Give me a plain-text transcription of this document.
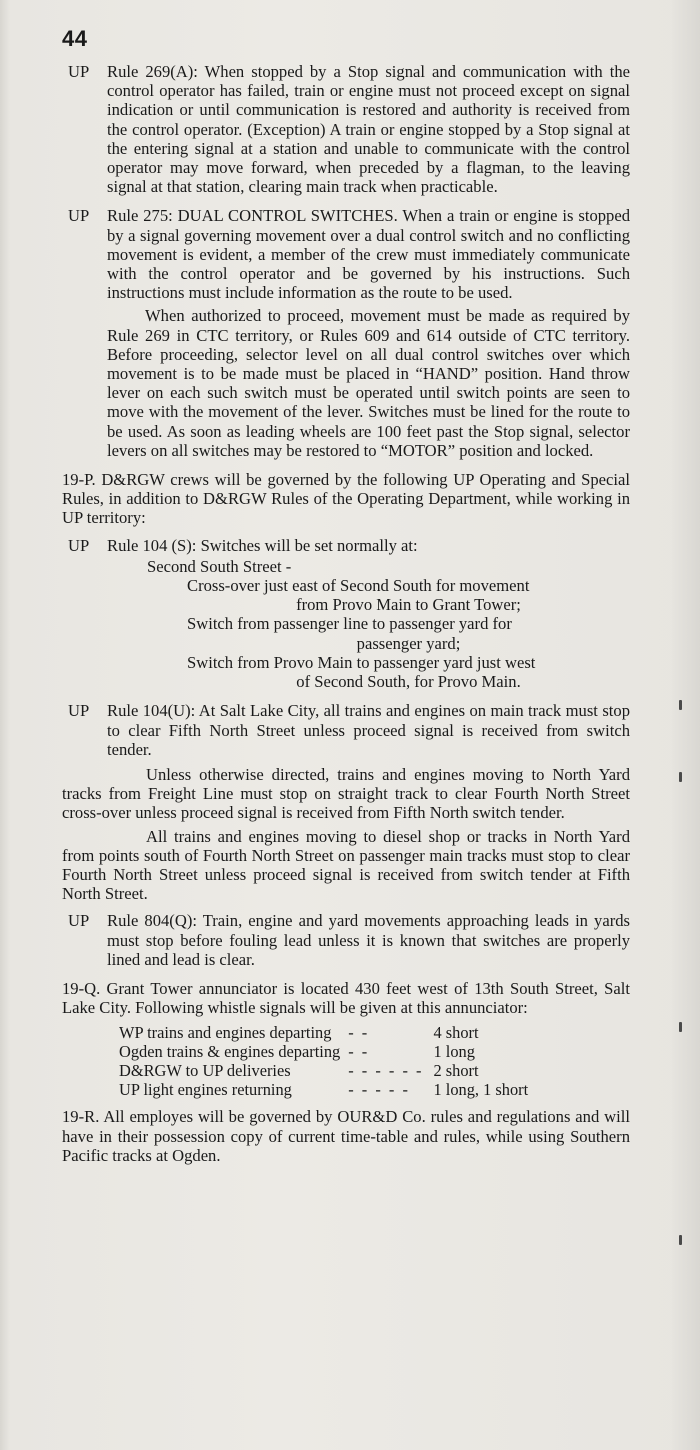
44
UP Rule 269(A): When stopped by a Stop signal and communication with the control operator has failed, train or engine must not proceed except on signal indication or until communication is restored and authority is received from the control operator. (Exception) A train or engine stopped by a Stop signal at the entering signal at a station and unable to communicate with the control operator may move forward, when preceded by a flagman, to the leaving signal at that station, clearing main track when practicable.

UP Rule 275: DUAL CONTROL SWITCHES. When a train or engine is stopped by a signal governing movement over a dual control switch and no conflicting movement is evident, a member of the crew must immediately communicate with the control operator and be governed by his instructions. Such instructions must include information as the route to be used.

When authorized to proceed, movement must be made as required by Rule 269 in CTC territory, or Rules 609 and 614 outside of CTC territory. Before proceeding, selector level on all dual control switches over which movement is to be made must be placed in “HAND” position. Hand throw lever on each such switch must be operated until switch points are seen to move with the movement of the lever. Switches must be lined for the route to be used. As soon as leading wheels are 100 feet past the Stop signal, selector levers on all switches may be restored to “MOTOR” position and locked.

19-P. D&RGW crews will be governed by the following UP Operating and Special Rules, in addition to D&RGW Rules of the Operating Department, while working in UP territory:

UP Rule 104 (S): Switches will be set normally at:

Second South Street -
Cross-over just east of Second South for movement
from Provo Main to Grant Tower;
Switch from passenger line to passenger yard for
passenger yard;
Switch from Provo Main to passenger yard just west
of Second South, for Provo Main.
UP Rule 104(U): At Salt Lake City, all trains and engines on main track must stop to clear Fifth North Street unless proceed signal is received from switch tender.

Unless otherwise directed, trains and engines moving to North Yard tracks from Freight Line must stop on straight track to clear Fourth North Street cross-over unless proceed signal is received from Fifth North switch tender.

All trains and engines moving to diesel shop or tracks in North Yard from points south of Fourth North Street on passenger main tracks must stop to clear Fourth North Street unless proceed signal is received from switch tender at Fifth North Street.

UP Rule 804(Q): Train, engine and yard movements approaching leads in yards must stop before fouling lead unless it is known that switches are properly lined and lead is clear.

19-Q. Grant Tower annunciator is located 430 feet west of 13th South Street, Salt Lake City. Following whistle signals will be given at this annunciator:

WP trains and engines departing	- -	4 short
Ogden trains & engines departing	- -	1 long
D&RGW to UP deliveries	- - - - - -	2 short
UP light engines returning	- - - - -	1 long, 1 short

19-R. All employes will be governed by OUR&D Co. rules and regulations and will have in their possession copy of current time-table and rules, while using Southern Pacific tracks at Ogden.
